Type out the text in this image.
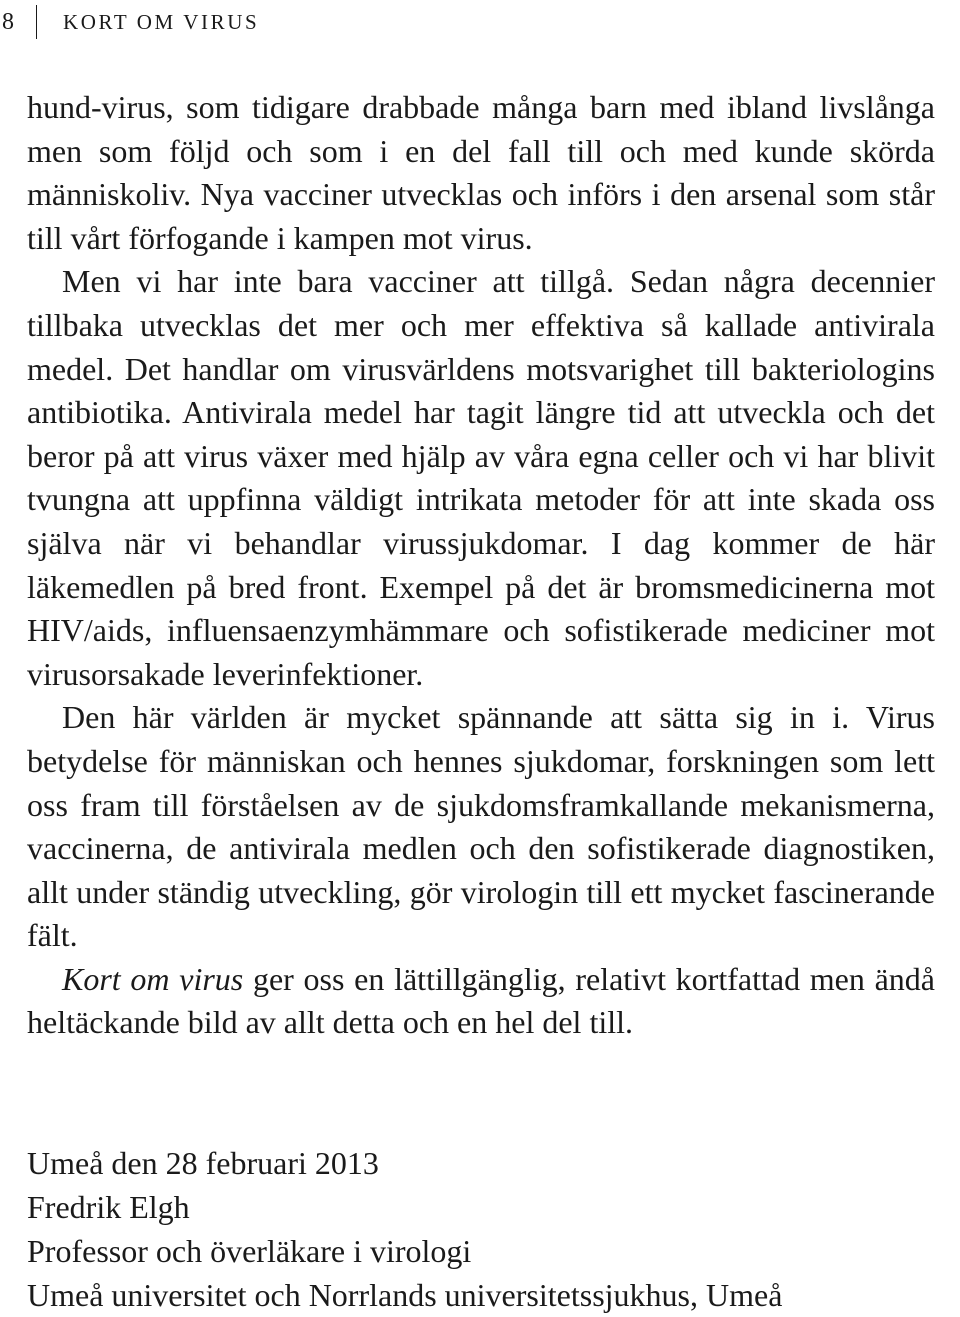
8	KORT OM VIRUS

hund-virus, som tidigare drabbade många barn med ibland livslånga men som följd och som i en del fall till och med kunde skörda människoliv. Nya vacciner utvecklas och införs i den arsenal som står till vårt förfogande i kampen mot virus.

Men vi har inte bara vacciner att tillgå. Sedan några decennier tillbaka utvecklas det mer och mer effektiva så kallade antivirala medel. Det handlar om virusvärldens motsvarighet till bakteriologins antibiotika. Antivirala medel har tagit längre tid att utveckla och det beror på att virus växer med hjälp av våra egna celler och vi har blivit tvungna att uppfinna väldigt intrikata metoder för att inte skada oss själva när vi behandlar virussjukdomar. I dag kommer de här läkemedlen på bred front. Exempel på det är bromsmedicinerna mot HIV/aids, influensaenzymhämmare och sofistikerade mediciner mot virusorsakade leverinfektioner.

Den här världen är mycket spännande att sätta sig in i. Virus betydelse för människan och hennes sjukdomar, forskningen som lett oss fram till förståelsen av de sjukdomsframkallande mekanismerna, vaccinerna, de antivirala medlen och den sofistikerade diagnostiken, allt under ständig utveckling, gör virologin till ett mycket fascinerande fält.

Kort om virus ger oss en lättillgänglig, relativt kortfattad men ändå heltäckande bild av allt detta och en hel del till.

Umeå den 28 februari 2013
Fredrik Elgh
Professor och överläkare i virologi
Umeå universitet och Norrlands universitetssjukhus, Umeå
